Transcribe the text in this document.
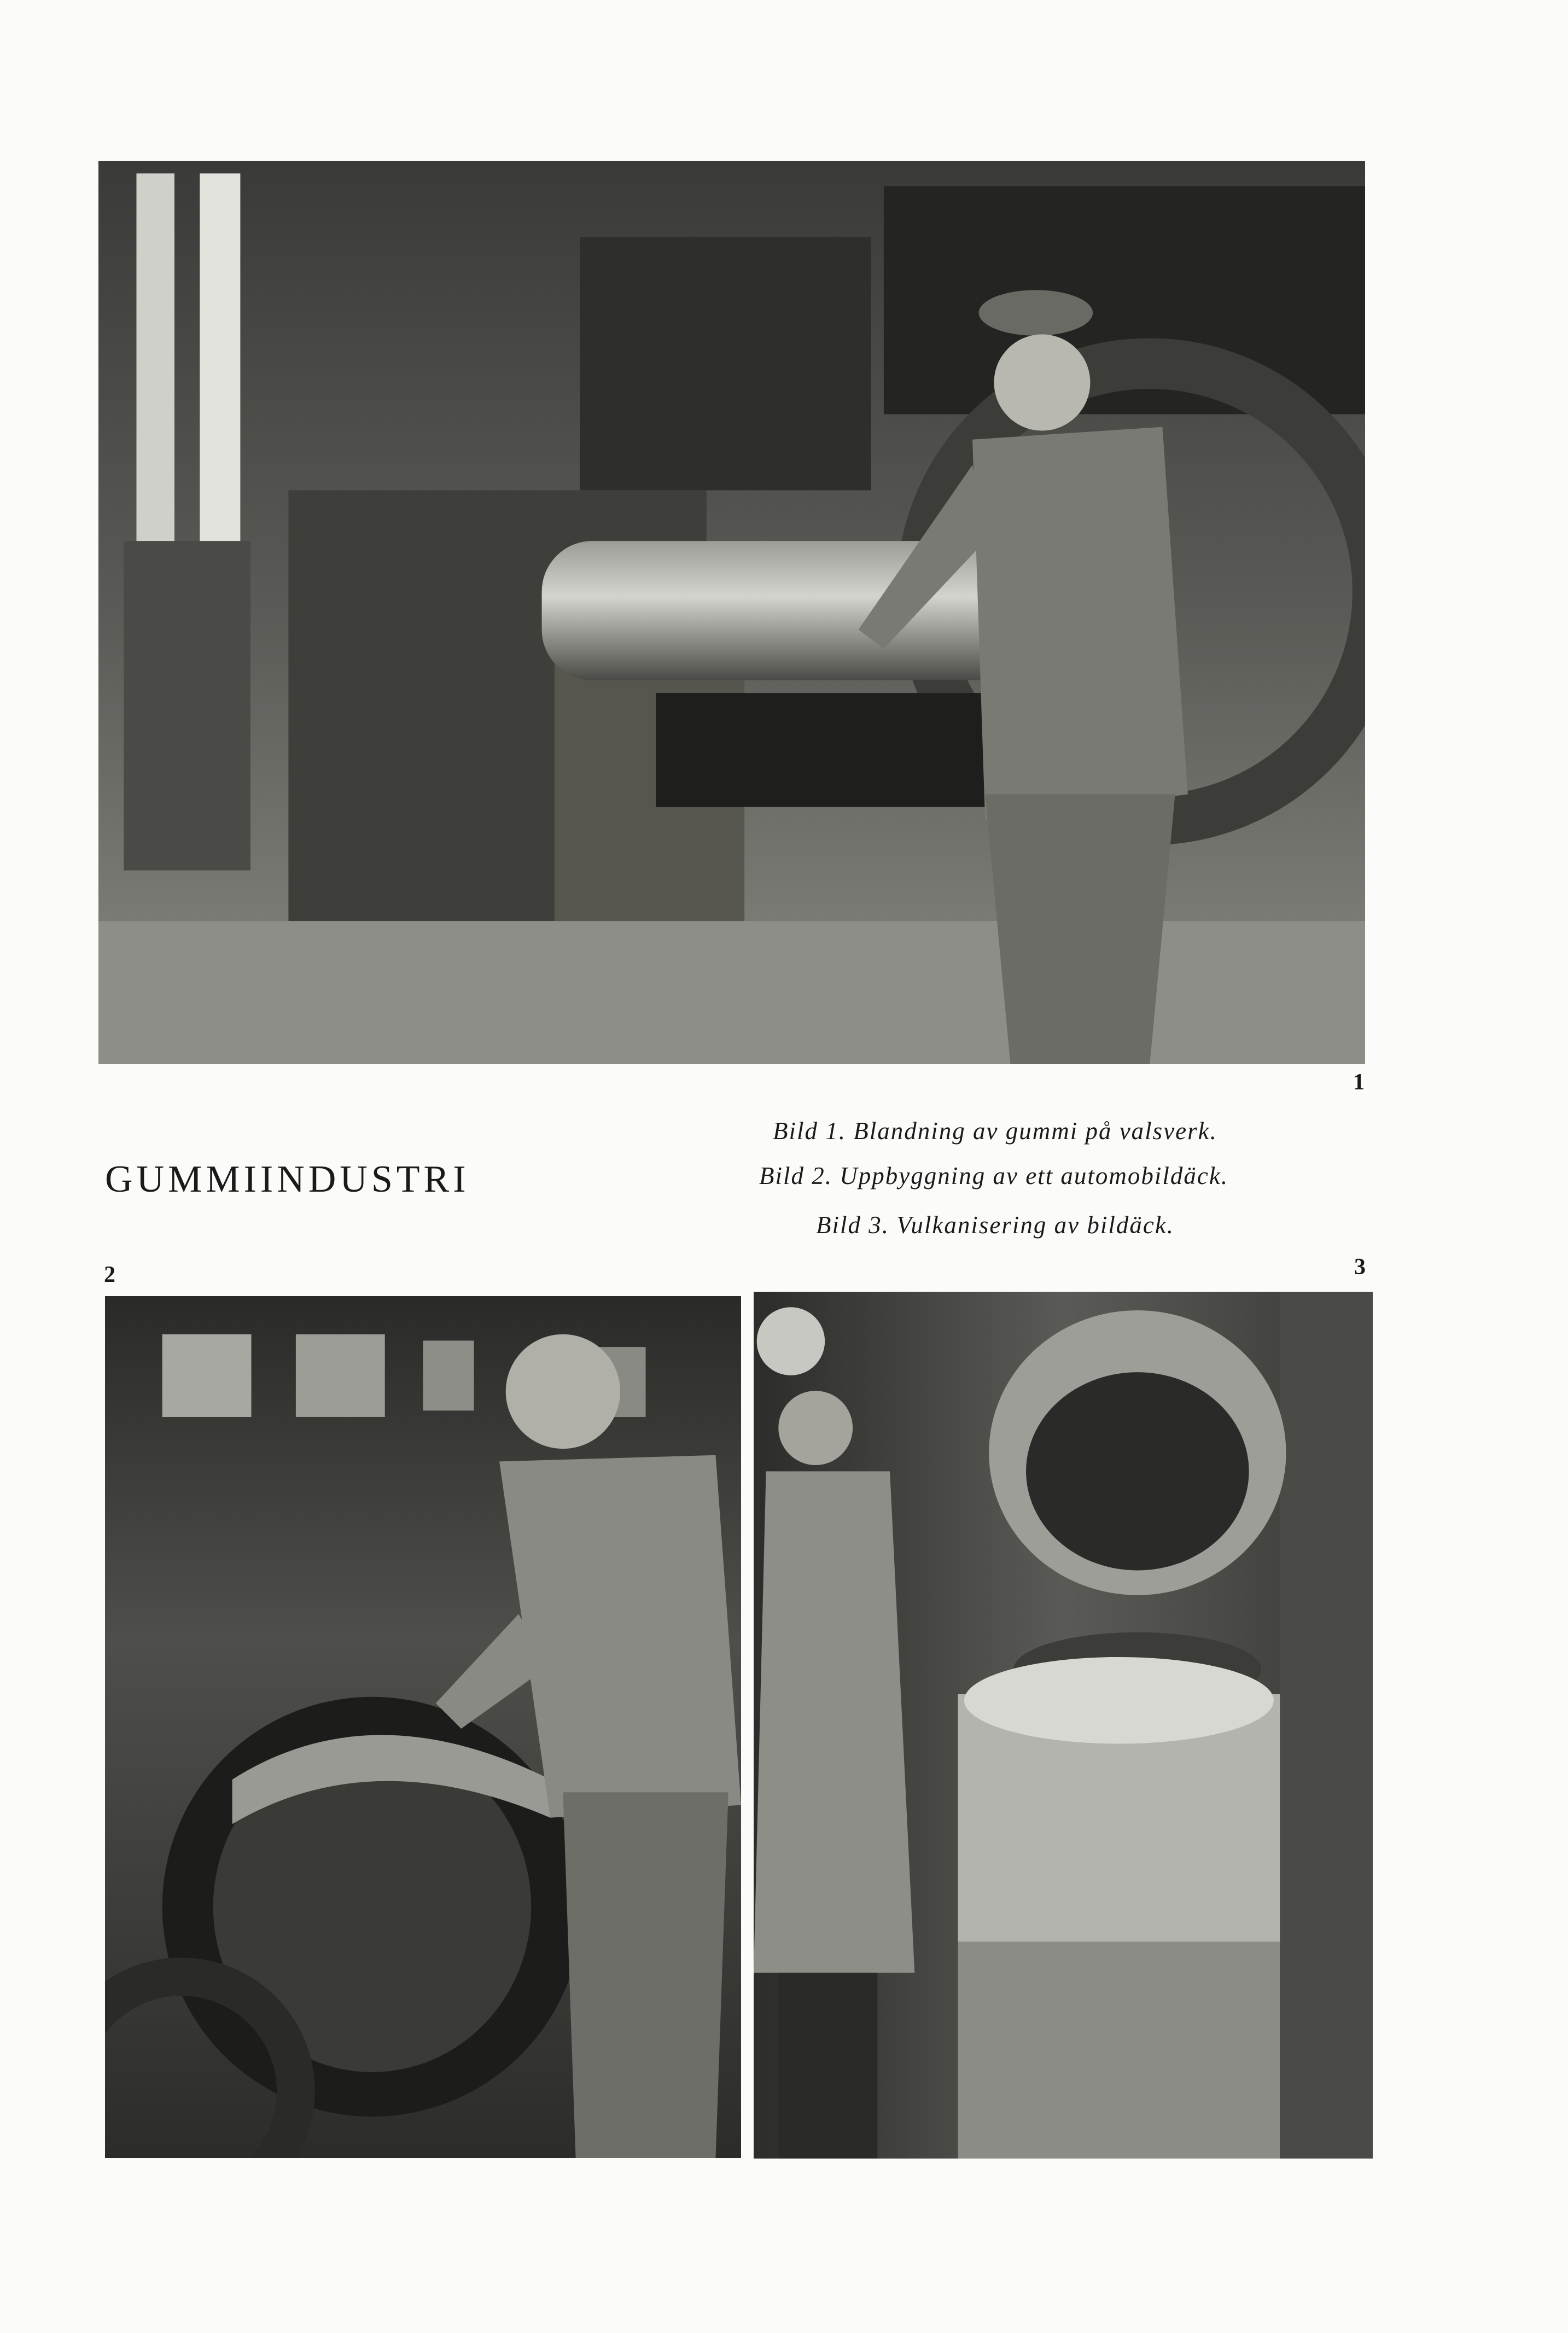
1
GUMMIINDUSTRI
Bild 1. Blandning av gummi på valsverk.
Bild 2. Uppbyggning av ett automobildäck.
Bild 3. Vulkanisering av bildäck.
2	3
